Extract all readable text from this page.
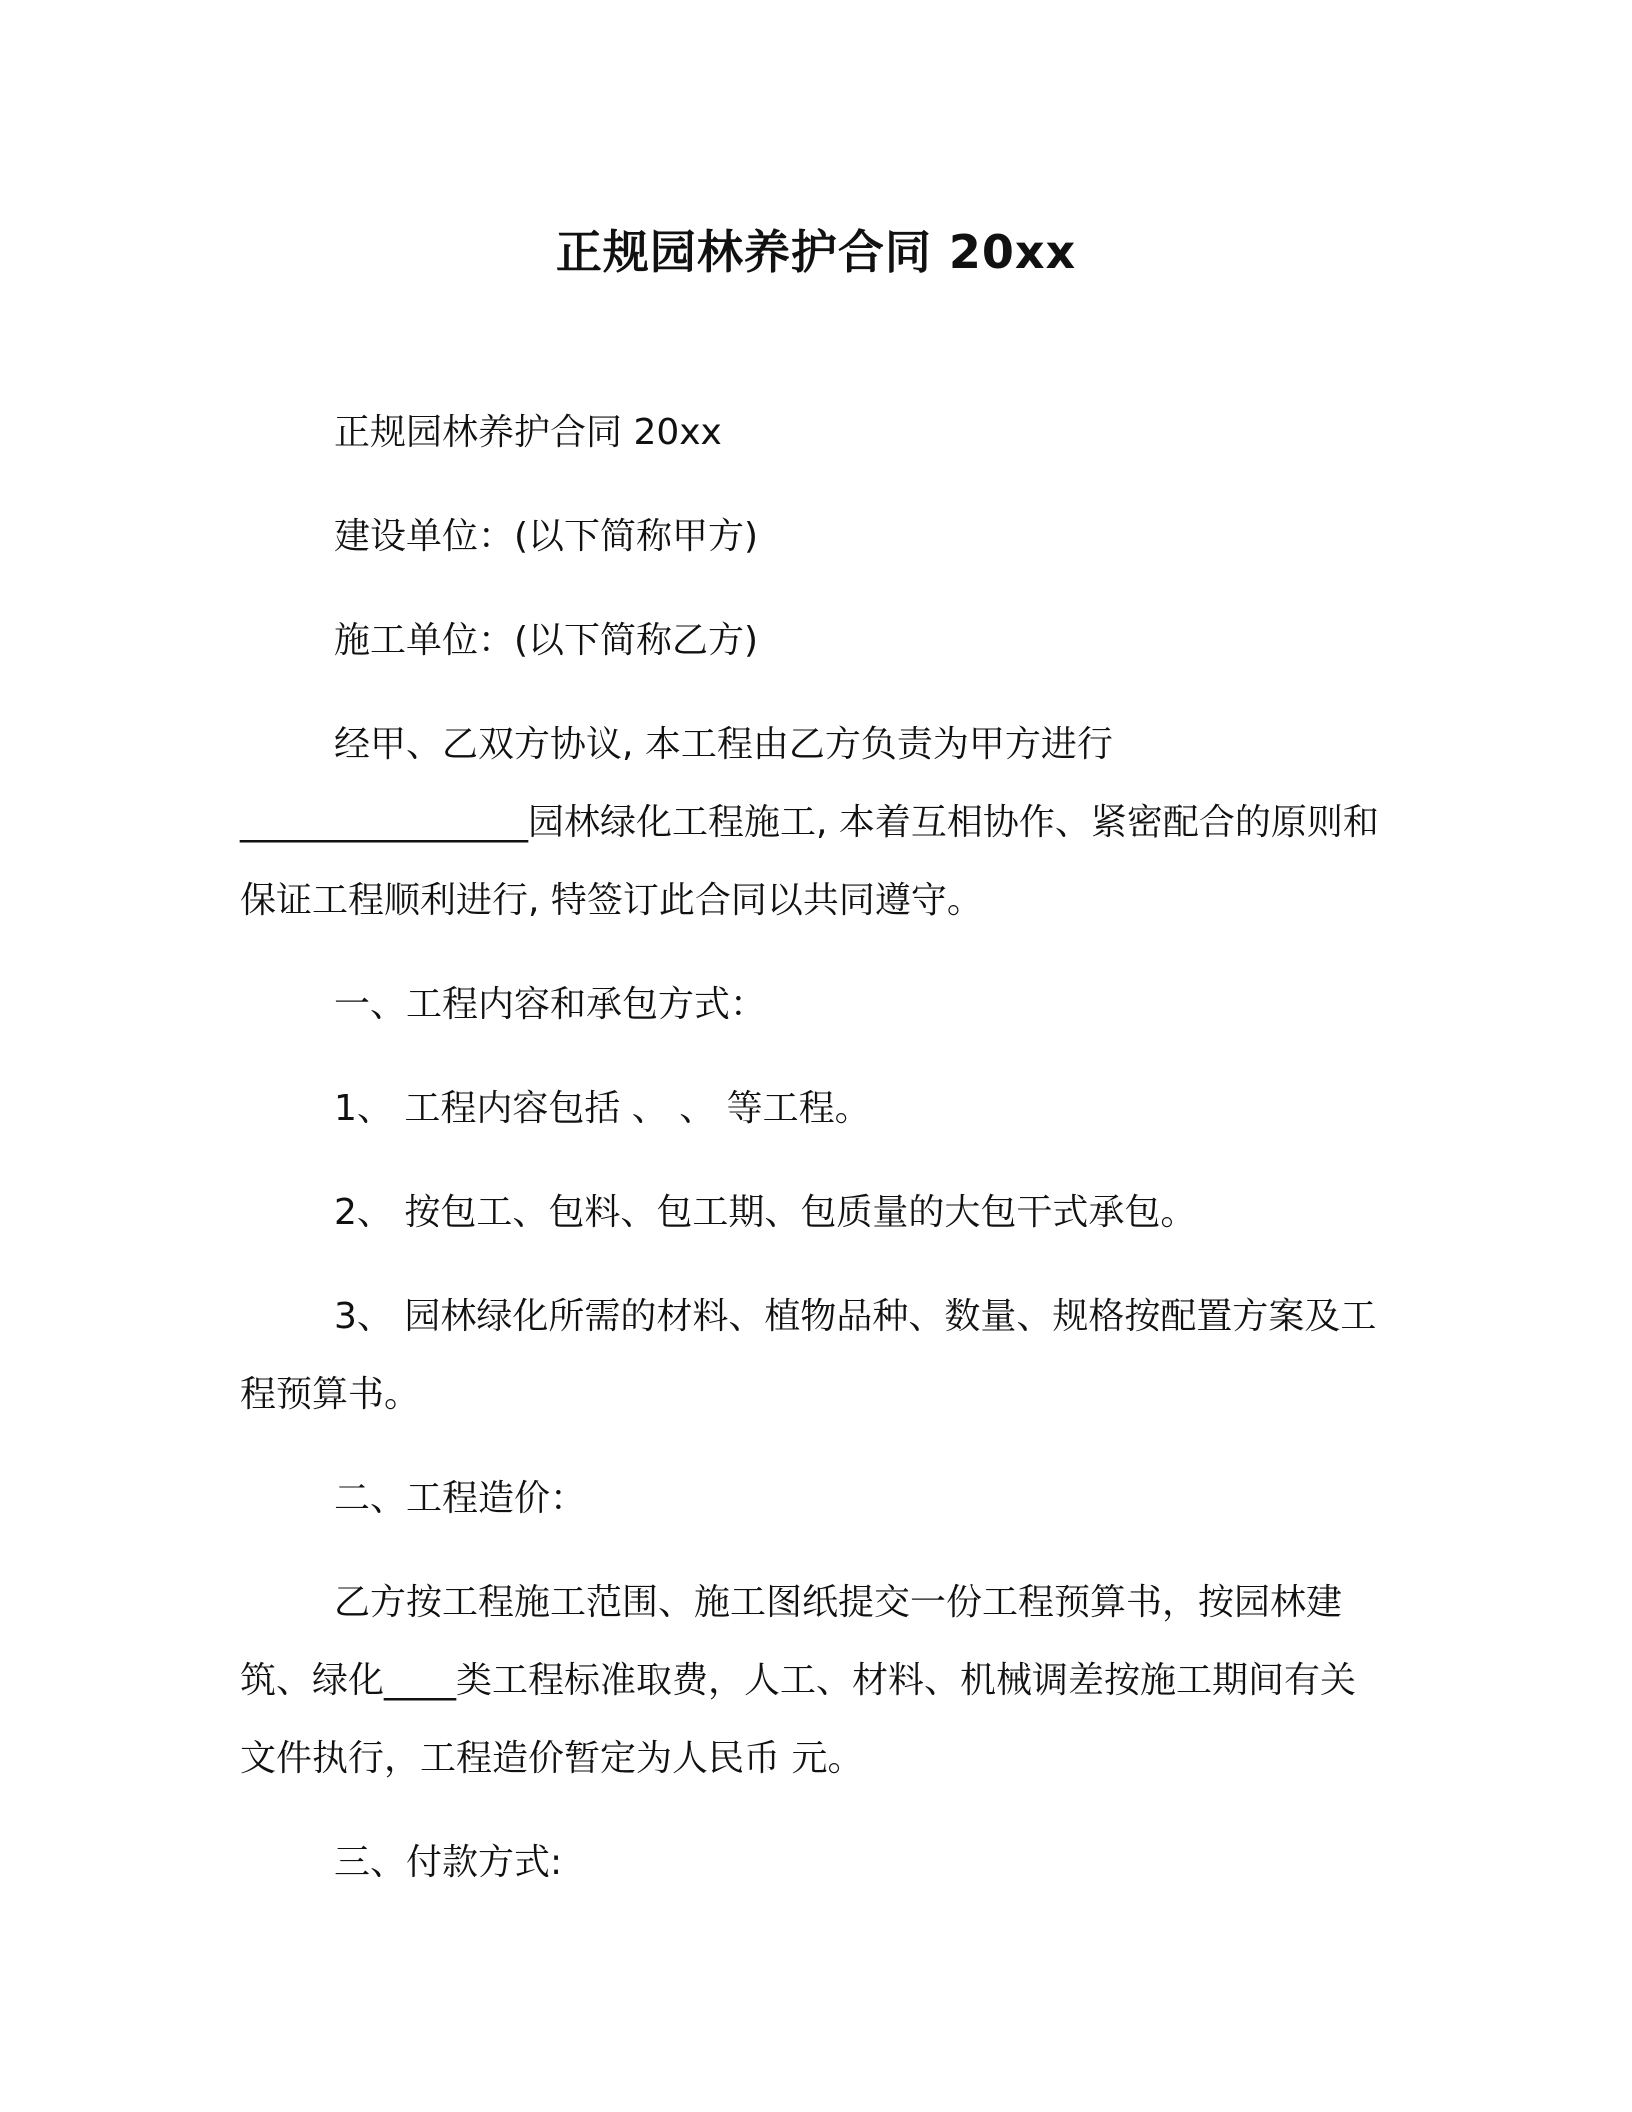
正规园林养护合同 20xx

正规园林养护合同 20xx

建设单位：(以下简称甲方)

施工单位：(以下简称乙方)

经甲、乙双方协议, 本工程由乙方负责为甲方进行________________园林绿化工程施工, 本着互相协作、紧密配合的原则和保证工程顺利进行, 特签订此合同以共同遵守。

一、工程内容和承包方式：

1、 工程内容包括 、 、 等工程。

2、 按包工、包料、包工期、包质量的大包干式承包。

3、 园林绿化所需的材料、植物品种、数量、规格按配置方案及工程预算书。

二、工程造价：

乙方按工程施工范围、施工图纸提交一份工程预算书，按园林建筑、绿化____类工程标准取费，人工、材料、机械调差按施工期间有关文件执行，工程造价暂定为人民币 元。

三、付款方式:
